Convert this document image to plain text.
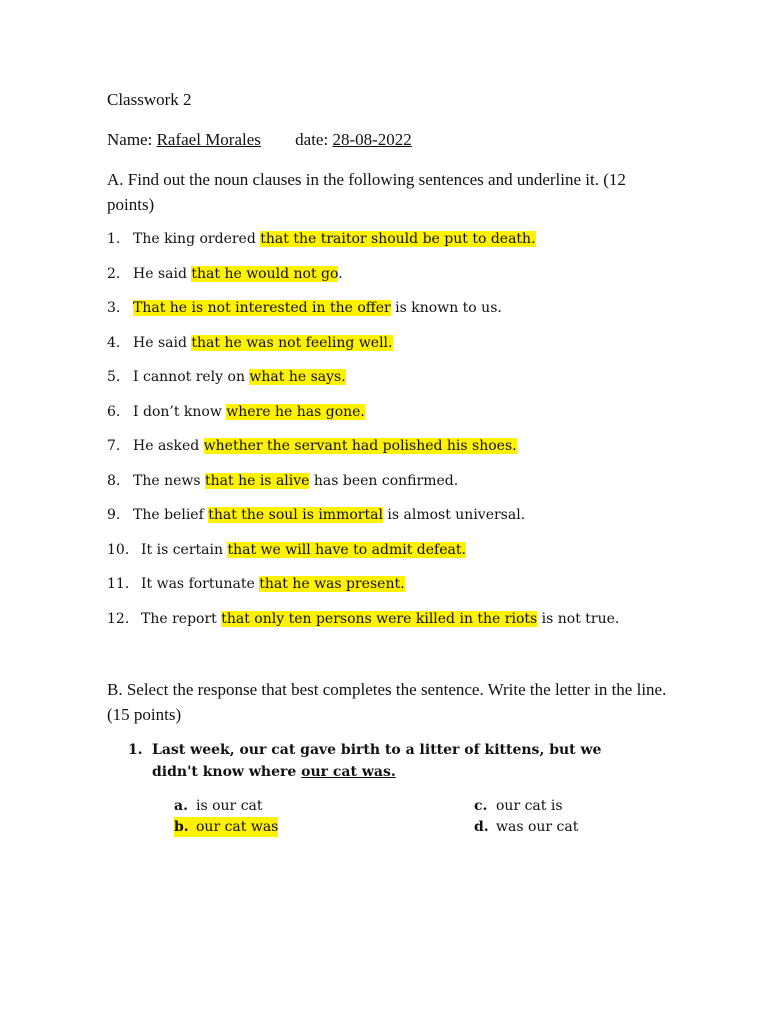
Classwork 2
Name: Rafael Morales date: 28-08-2022
A. Find out the noun clauses in the following sentences and underline it. (12 points)
1. The king ordered that the traitor should be put to death.
2. He said that he would not go.
3. That he is not interested in the offer is known to us.
4. He said that he was not feeling well.
5. I cannot rely on what he says.
6. I don’t know where he has gone.
7. He asked whether the servant had polished his shoes.
8. The news that he is alive has been confirmed.
9. The belief that the soul is immortal is almost universal.
10. It is certain that we will have to admit defeat.
11. It was fortunate that he was present.
12. The report that only ten persons were killed in the riots is not true.
B. Select the response that best completes the sentence. Write the letter in the line. (15 points)
1. Last week, our cat gave birth to a litter of kittens, but we didn't know where our cat was.
a. is our cat
b. our cat was
c. our cat is
d. was our cat
